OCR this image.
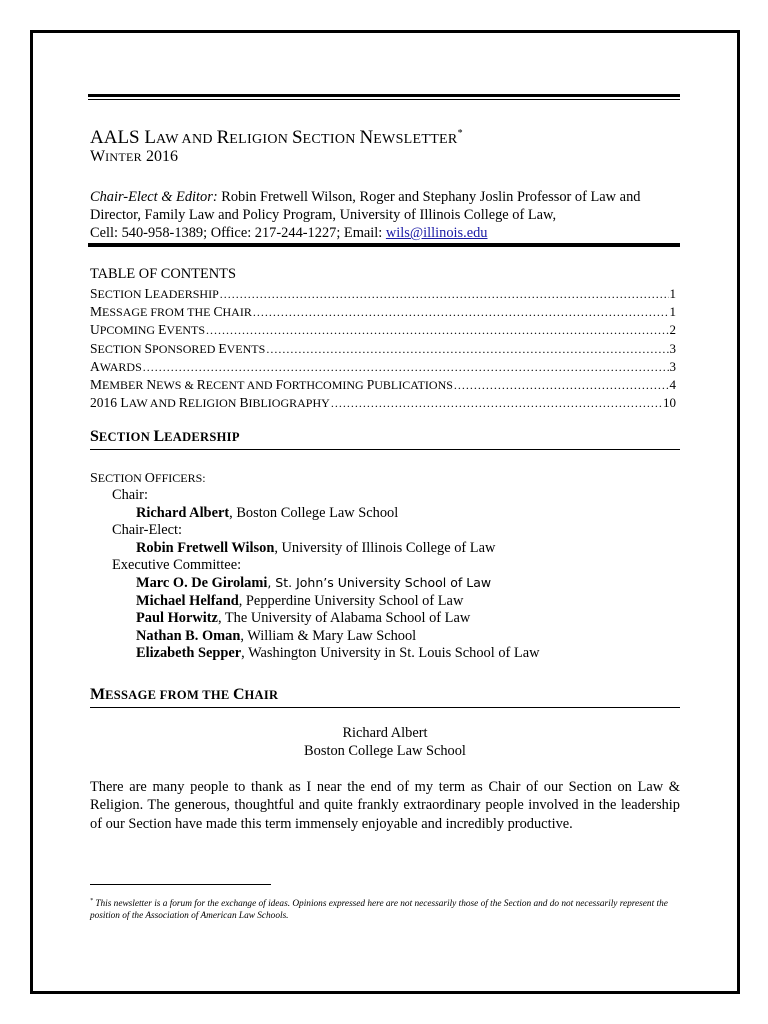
AALS LAW AND RELIGION SECTION NEWSLETTER*
WINTER 2016
Chair-Elect & Editor: Robin Fretwell Wilson, Roger and Stephany Joslin Professor of Law and Director, Family Law and Policy Program, University of Illinois College of Law,
Cell: 540-958-1389; Office: 217-244-1227; Email: wils@illinois.edu
TABLE OF CONTENTS
SECTION LEADERSHIP .....	1
MESSAGE FROM THE CHAIR .....	1
UPCOMING EVENTS .....	2
SECTION SPONSORED EVENTS .....	3
AWARDS .....	3
MEMBER NEWS & RECENT AND FORTHCOMING PUBLICATIONS .....	4
2016 LAW AND RELIGION BIBLIOGRAPHY .....	10
SECTION LEADERSHIP
SECTION OFFICERS:
Chair:
Richard Albert, Boston College Law School
Chair-Elect:
Robin Fretwell Wilson, University of Illinois College of Law
Executive Committee:
Marc O. De Girolami, St. John’s University School of Law
Michael Helfand, Pepperdine University School of Law
Paul Horwitz, The University of Alabama School of Law
Nathan B. Oman, William & Mary Law School
Elizabeth Sepper, Washington University in St. Louis School of Law
MESSAGE FROM THE CHAIR
Richard Albert
Boston College Law School
There are many people to thank as I near the end of my term as Chair of our Section on Law & Religion. The generous, thoughtful and quite frankly extraordinary people involved in the leadership of our Section have made this term immensely enjoyable and incredibly productive.
* This newsletter is a forum for the exchange of ideas. Opinions expressed here are not necessarily those of the Section and do not necessarily represent the position of the Association of American Law Schools.
